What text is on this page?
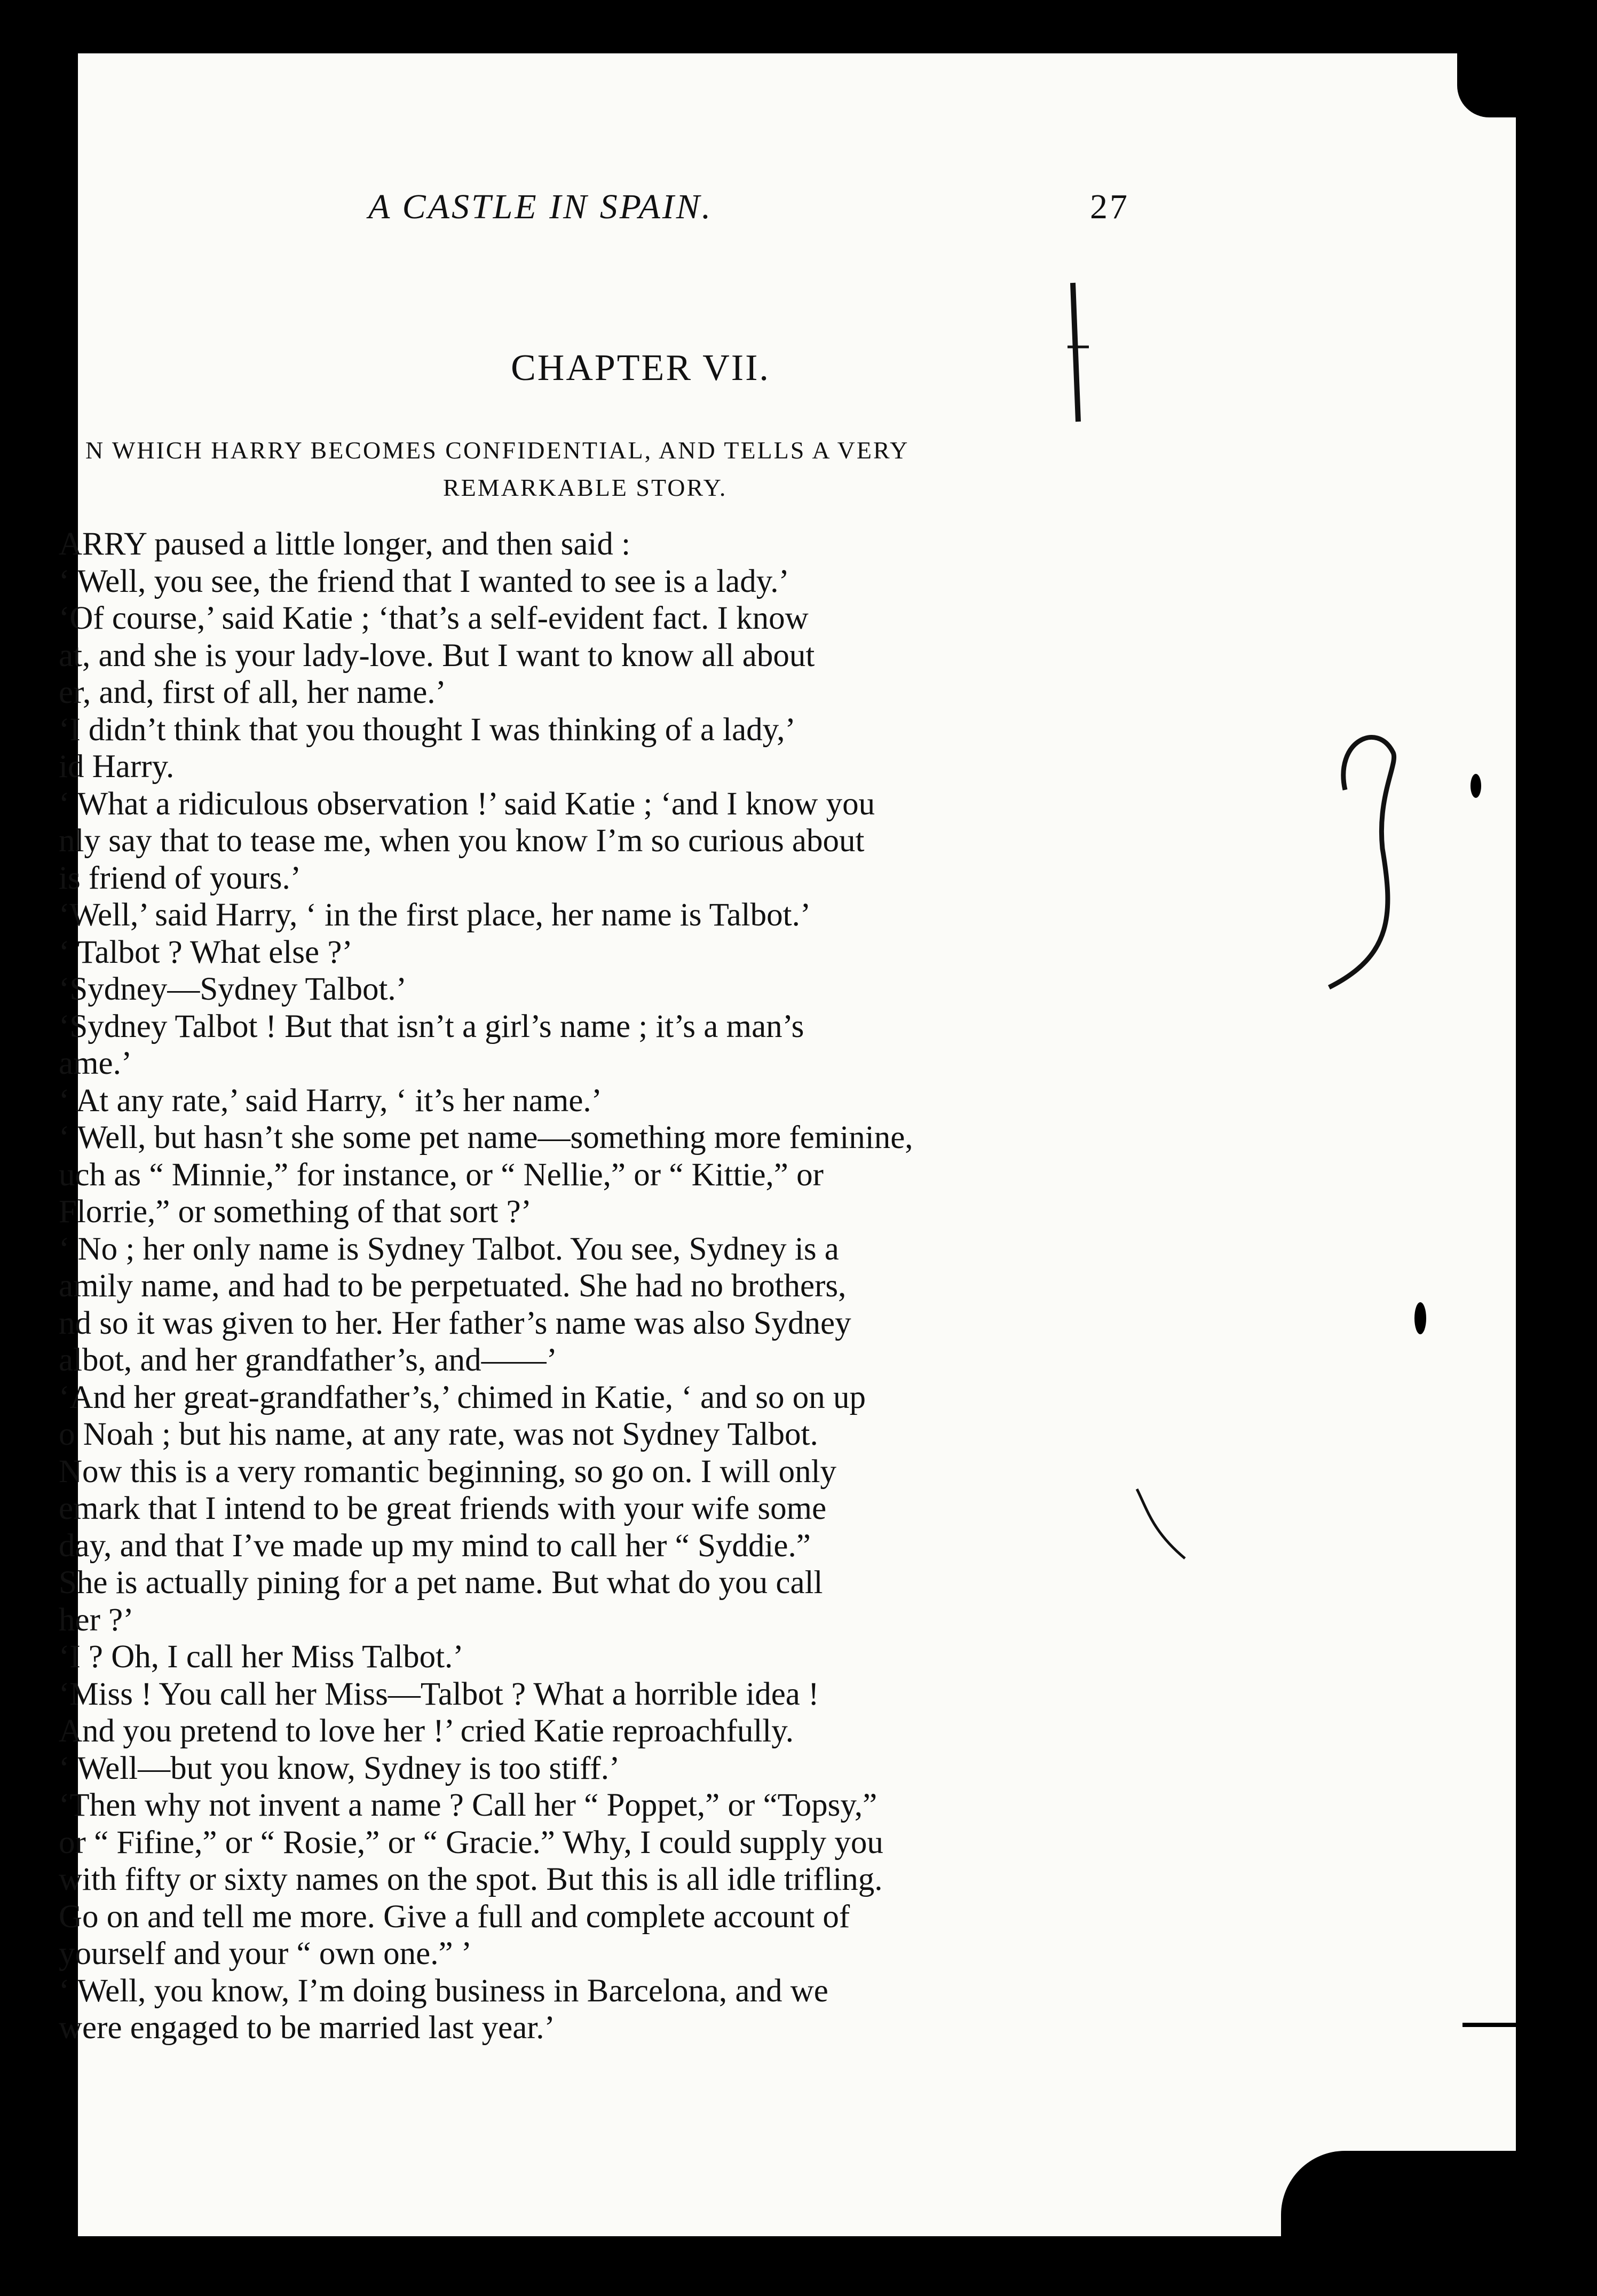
A CASTLE IN SPAIN.	27
CHAPTER VII.
N WHICH HARRY BECOMES CONFIDENTIAL, AND TELLS A VERY
REMARKABLE STORY.
ARRY paused a little longer, and then said :
‘ Well, you see, the friend that I wanted to see is a lady.’
‘Of course,’ said Katie ; ‘that’s a self-evident fact. I know
at, and she is your lady-love. But I want to know all about
er, and, first of all, her name.’
‘I didn’t think that you thought I was thinking of a lady,’
id Harry.
‘ What a ridiculous observation !’ said Katie ; ‘and I know you
nly say that to tease me, when you know I’m so curious about
is friend of yours.’
‘Well,’ said Harry, ‘ in the first place, her name is Talbot.’
‘ Talbot ? What else ?’
‘Sydney—Sydney Talbot.’
‘Sydney Talbot ! But that isn’t a girl’s name ; it’s a man’s
ame.’
‘ At any rate,’ said Harry, ‘ it’s her name.’
‘ Well, but hasn’t she some pet name—something more feminine,
uch as “ Minnie,” for instance, or “ Nellie,” or “ Kittie,” or
Florrie,” or something of that sort ?’
‘ No ; her only name is Sydney Talbot. You see, Sydney is a
amily name, and had to be perpetuated. She had no brothers,
nd so it was given to her. Her father’s name was also Sydney
albot, and her grandfather’s, and——’
‘And her great-grandfather’s,’ chimed in Katie, ‘ and so on up
o Noah ; but his name, at any rate, was not Sydney Talbot.
Now this is a very romantic beginning, so go on. I will only
emark that I intend to be great friends with your wife some
day, and that I’ve made up my mind to call her “ Syddie.”
She is actually pining for a pet name. But what do you call
her ?’
‘I ? Oh, I call her Miss Talbot.’
‘Miss ! You call her Miss—Talbot ? What a horrible idea !
And you pretend to love her !’ cried Katie reproachfully.
‘ Well—but you know, Sydney is too stiff.’
‘Then why not invent a name ? Call her “ Poppet,” or “Topsy,”
or “ Fifine,” or “ Rosie,” or “ Gracie.” Why, I could supply you
with fifty or sixty names on the spot. But this is all idle trifling.
Go on and tell me more. Give a full and complete account of
yourself and your “ own one.” ’
‘ Well, you know, I’m doing business in Barcelona, and we
were engaged to be married last year.’
